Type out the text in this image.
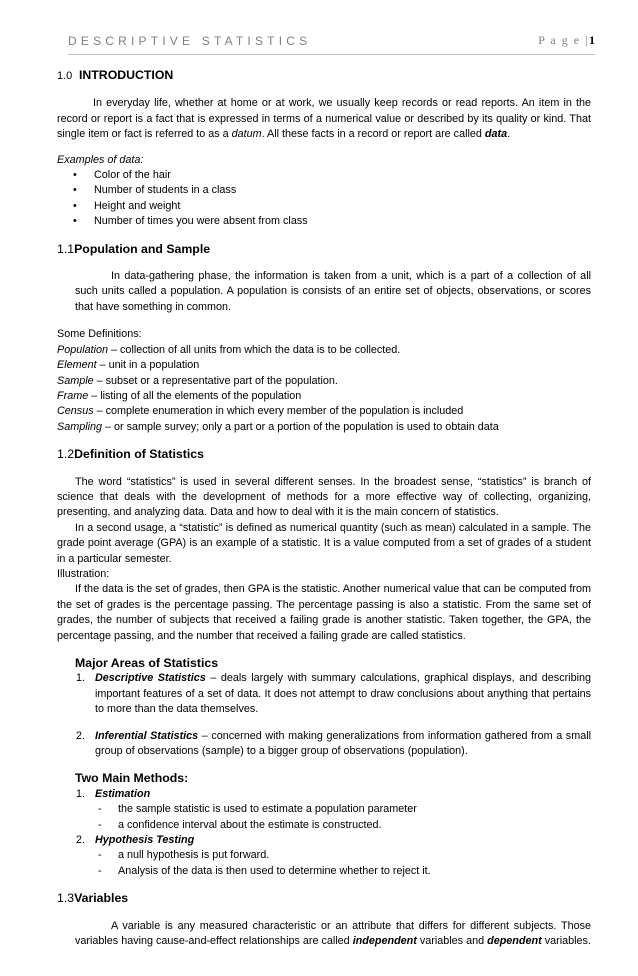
DESCRIPTIVE STATISTICS	P a g e |1
1.0 INTRODUCTION

In everyday life, whether at home or at work, we usually keep records or read reports. An item in the record or report is a fact that is expressed in terms of a numerical value or described by its quality or kind. That single item or fact is referred to as a datum. All these facts in a record or report are called data.

Examples of data:

• Color of the hair
• Number of students in a class
• Height and weight
• Number of times you were absent from class
1.1 Population and Sample

In data-gathering phase, the information is taken from a unit, which is a part of a collection of all such units called a population. A population is consists of an entire set of objects, observations, or scores that have something in common.

Some Definitions:

Population – collection of all units from which the data is to be collected.

Element – unit in a population

Sample – subset or a representative part of the population.

Frame – listing of all the elements of the population

Census – complete enumeration in which every member of the population is included

Sampling – or sample survey; only a part or a portion of the population is used to obtain data

1.2 Definition of Statistics

The word “statistics” is used in several different senses. In the broadest sense, “statistics” is branch of science that deals with the development of methods for a more effective way of collecting, organizing, presenting, and analyzing data. Data and how to deal with it is the main concern of statistics.

In a second usage, a “statistic” is defined as numerical quantity (such as mean) calculated in a sample. The grade point average (GPA) is an example of a statistic. It is a value computed from a set of grades of a student in a particular semester.

Illustration:

If the data is the set of grades, then GPA is the statistic. Another numerical value that can be computed from the set of grades is the percentage passing. The percentage passing is also a statistic. From the same set of grades, the number of subjects that received a failing grade is another statistic. Taken together, the GPA, the percentage passing, and the number that received a failing grade are called statistics.

Major Areas of Statistics
1. Descriptive Statistics – deals largely with summary calculations, graphical displays, and describing important features of a set of data. It does not attempt to draw conclusions about anything that pertains to more than the data themselves.
2. Inferential Statistics – concerned with making generalizations from information gathered from a small group of observations (sample) to a bigger group of observations (population).
Two Main Methods:
1. Estimation
- the sample statistic is used to estimate a population parameter
- a confidence interval about the estimate is constructed.
2. Hypothesis Testing
- a null hypothesis is put forward.
- Analysis of the data is then used to determine whether to reject it.
1.3 Variables

A variable is any measured characteristic or an attribute that differs for different subjects. Those variables having cause-and-effect relationships are called independent variables and dependent variables.
